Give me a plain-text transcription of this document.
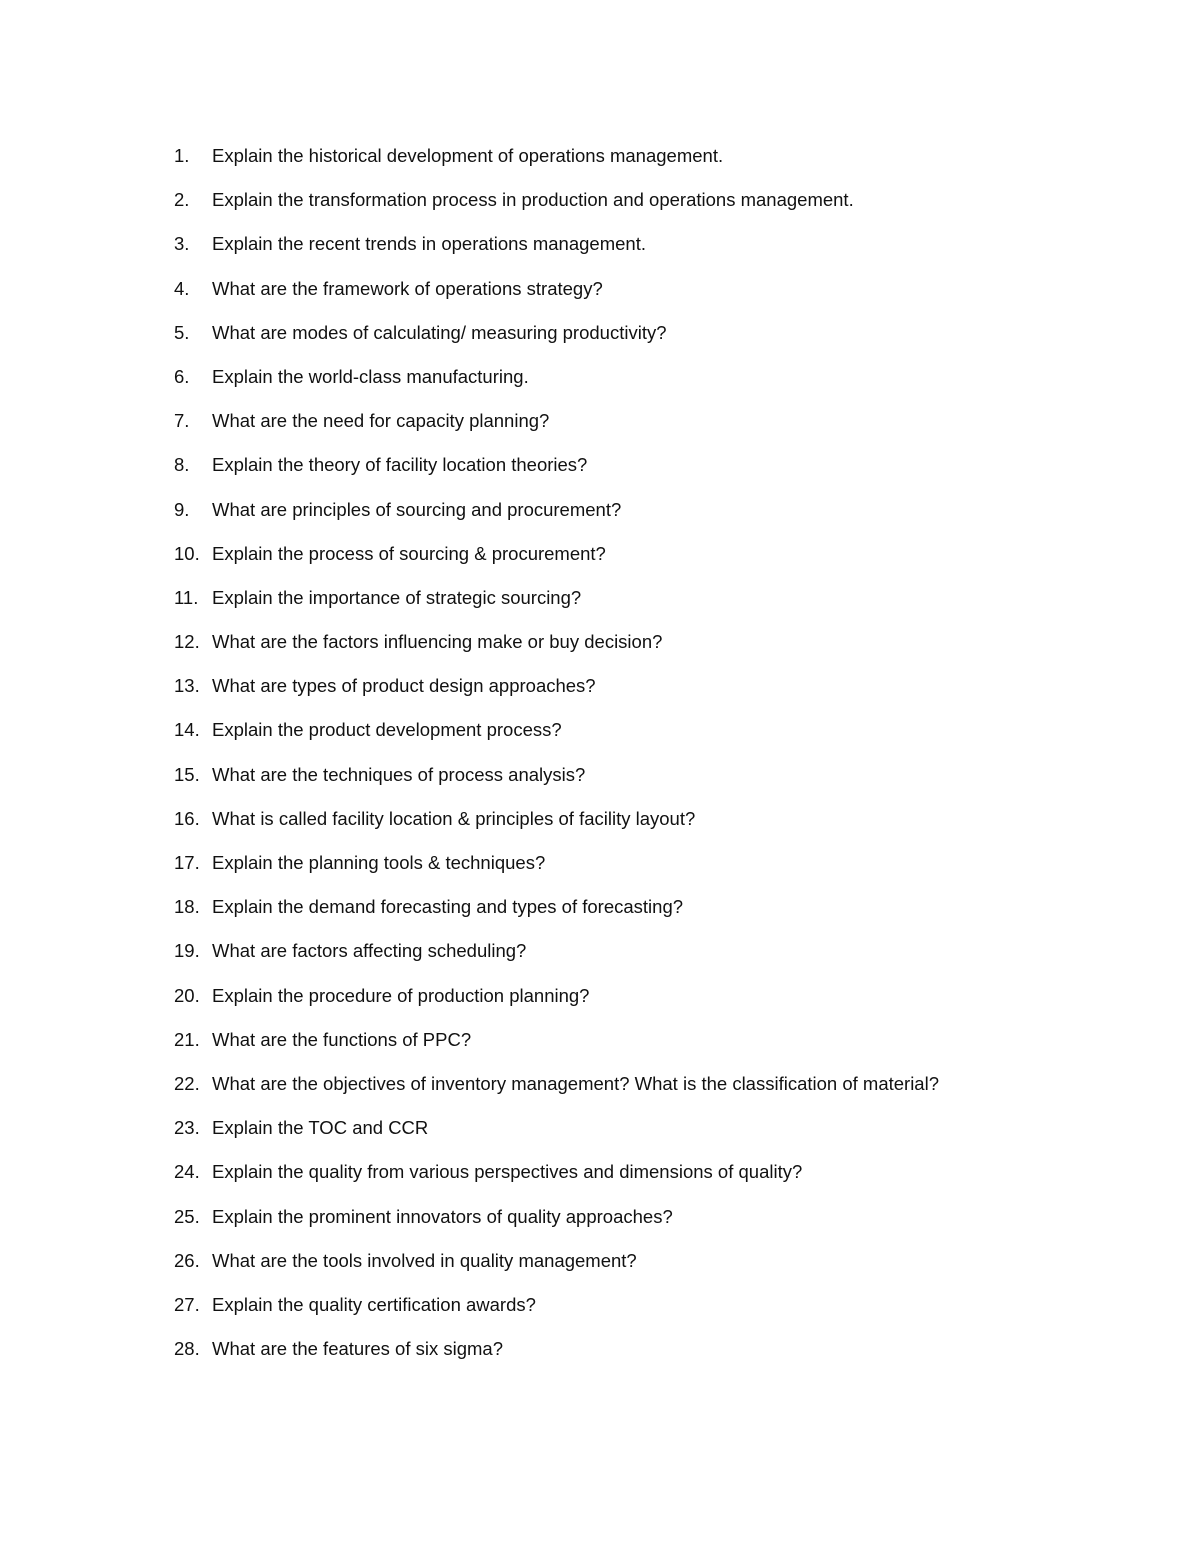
1.	Explain the historical development of operations management.
2.	Explain the transformation process in production and operations management.
3.	Explain the recent trends in operations management.
4.	What are the framework of operations strategy?
5.	What are modes of calculating/ measuring productivity?
6.	Explain the world-class manufacturing.
7.	What are the need for capacity planning?
8.	Explain the theory of facility location theories?
9.	What are principles of sourcing and procurement?
10. Explain the process of sourcing & procurement?
11. Explain the importance of strategic sourcing?
12. What are the factors influencing make or buy decision?
13. What are types of product design approaches?
14. Explain the product development process?
15. What are the techniques of process analysis?
16. What is called facility location & principles of facility layout?
17. Explain the planning tools & techniques?
18. Explain the demand forecasting and types of forecasting?
19. What are factors affecting scheduling?
20. Explain the procedure of production planning?
21. What are the functions of PPC?
22. What are the objectives of inventory management? What is the classification of material?
23. Explain the TOC and CCR
24. Explain the quality from various perspectives and dimensions of quality?
25. Explain the prominent innovators of quality approaches?
26. What are the tools involved in quality management?
27. Explain the quality certification awards?
28. What are the features of six sigma?
